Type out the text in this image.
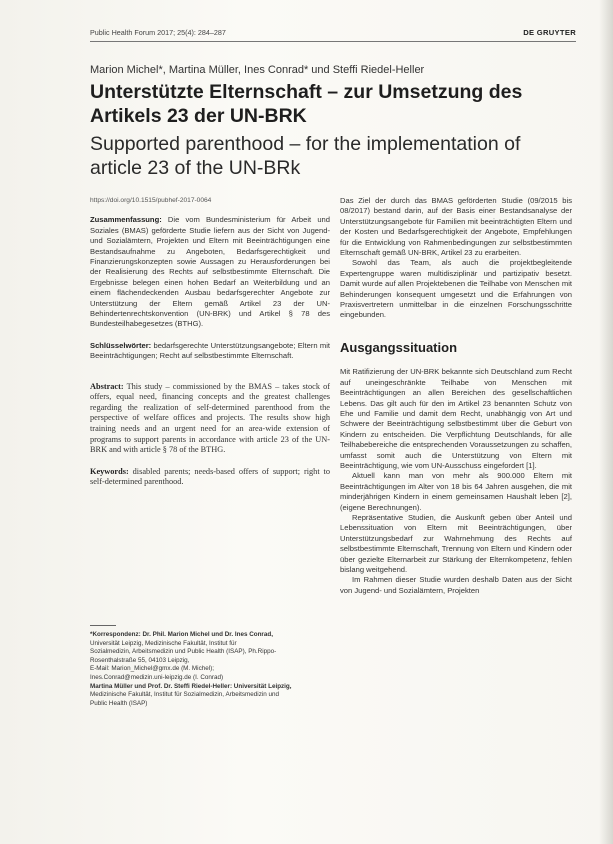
Public Health Forum 2017; 25(4): 284–287	DE GRUYTER
Marion Michel*, Martina Müller, Ines Conrad* und Steffi Riedel-Heller
Unterstützte Elternschaft – zur Umsetzung des Artikels 23 der UN-BRK
Supported parenthood – for the implementation of article 23 of the UN-BRk
https://doi.org/10.1515/pubhef-2017-0064

Zusammenfassung: Die vom Bundesministerium für Arbeit und Soziales (BMAS) geförderte Studie liefern aus der Sicht von Jugend- und Sozialämtern, Projekten und Eltern mit Beeinträchtigungen eine Bestandsaufnahme zu Angeboten, Bedarfsgerechtigkeit und Finanzierungskonzepten sowie Aussagen zu Herausforderungen bei der Realisierung des Rechts auf selbstbestimmte Elternschaft. Die Ergebnisse belegen einen hohen Bedarf an Weiterbildung und an einem flächendeckenden Ausbau bedarfsgerechter Angebote zur Unterstützung der Eltern gemäß Artikel 23 der UN-Behindertenrechtskonvention (UN-BRK) und Artikel § 78 des Bundesteilhabegesetzes (BTHG).

Schlüsselwörter: bedarfsgerechte Unterstützungsangebote; Eltern mit Beeinträchtigungen; Recht auf selbstbestimmte Elternschaft.

Abstract: This study – commissioned by the BMAS – takes stock of offers, equal need, financing concepts and the greatest challenges regarding the realization of self-determined parenthood from the perspective of welfare offices and projects. The results show high training needs and an urgent need for an area-wide extension of programs to support parents in accordance with article 23 of the UN-BRK and with article § 78 of the BTHG.

Keywords: disabled parents; needs-based offers of support; right to self-determined parenthood.

*Korrespondenz: Dr. Phil. Marion Michel und Dr. Ines Conrad,
Universität Leipzig, Medizinische Fakultät, Institut für
Sozialmedizin, Arbeitsmedizin und Public Health (ISAP), Ph.Rippo-
Rosenthalstraße 55, 04103 Leipzig,
E-Mail: Marion_Michel@gmx.de (M. Michel);
Ines.Conrad@medizin.uni-leipzig.de (I. Conrad)
Martina Müller und Prof. Dr. Steffi Riedel-Heller: Universität Leipzig,
Medizinische Fakultät, Institut für Sozialmedizin, Arbeitsmedizin und
Public Health (ISAP)

Das Ziel der durch das BMAS geförderten Studie (09/2015 bis 08/2017) bestand darin, auf der Basis einer Bestandsanalyse der Unterstützungsangebote für Familien mit beeinträchtigten Eltern und der Kosten und Bedarfsgerechtigkeit der Angebote, Empfehlungen für die Entwicklung von Rahmenbedingungen zur selbstbestimmten Elternschaft gemäß UN-BRK, Artikel 23 zu erarbeiten.

Sowohl das Team, als auch die projektbegleitende Expertengruppe waren multidisziplinär und partizipativ besetzt. Damit wurde auf allen Projektebenen die Teilhabe von Menschen mit Behinderungen konsequent umgesetzt und die Erfahrungen von Praxisvertretern unmittelbar in die einzelnen Forschungsschritte eingebunden.

Ausgangssituation

Mit Ratifizierung der UN-BRK bekannte sich Deutschland zum Recht auf uneingeschränkte Teilhabe von Menschen mit Beeinträchtigungen an allen Bereichen des gesellschaftlichen Lebens. Das gilt auch für den im Artikel 23 benannten Schutz von Ehe und Familie und damit dem Recht, unabhängig von Art und Schwere der Beeinträchtigung selbstbestimmt über die Geburt von Kindern zu entscheiden. Die Verpflichtung Deutschlands, für alle Teilhabebereiche die entsprechenden Voraussetzungen zu schaffen, umfasst somit auch die Unterstützung von Eltern mit Beeinträchtigung, wie vom UN-Ausschuss eingefordert [1].

Aktuell kann man von mehr als 900.000 Eltern mit Beeinträchtigungen im Alter von 18 bis 64 Jahren ausgehen, die mit minderjährigen Kindern in einem gemeinsamen Haushalt leben [2], (eigene Berechnungen).

Repräsentative Studien, die Auskunft geben über Anteil und Lebenssituation von Eltern mit Beeinträchtigungen, über Unterstützungsbedarf zur Wahrnehmung des Rechts auf selbstbestimmte Elternschaft, Trennung von Eltern und Kindern oder über gezielte Elternarbeit zur Stärkung der Elternkompetenz, fehlen bislang weitgehend.

Im Rahmen dieser Studie wurden deshalb Daten aus der Sicht von Jugend- und Sozialämtern, Projekten
